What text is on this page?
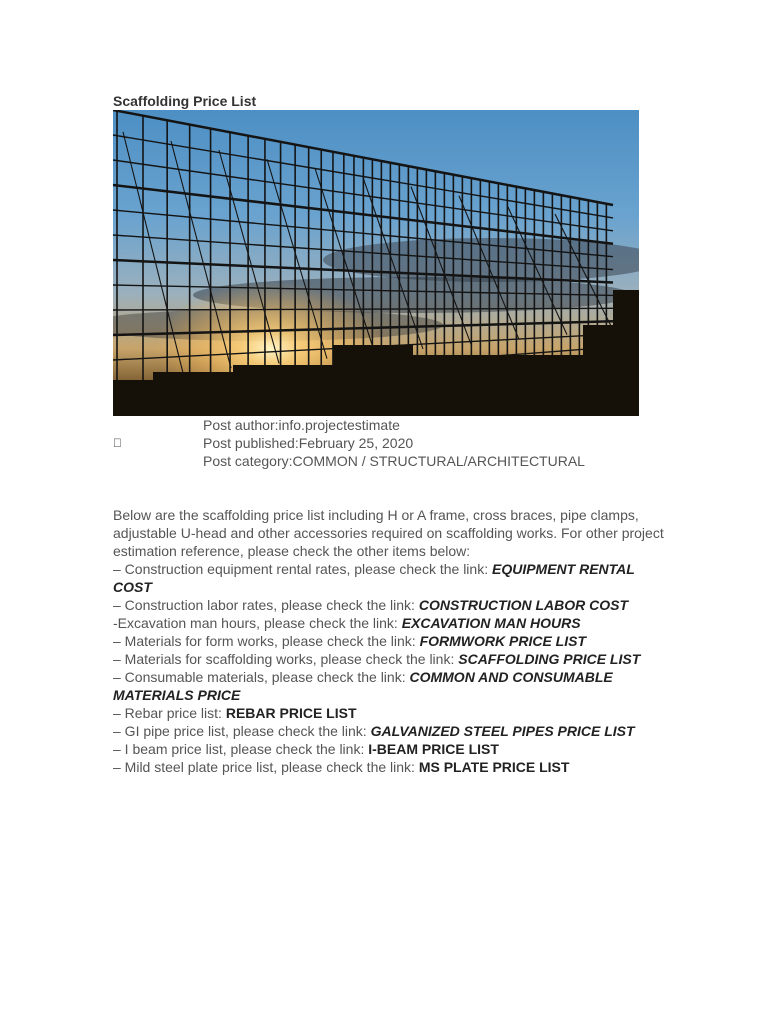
Scaffolding Price List
Post author:info.projectestimate
Post published:February 25, 2020
Post category:COMMON / STRUCTURAL/ARCHITECTURAL

Below are the scaffolding price list including H or A frame, cross braces, pipe clamps, adjustable U-head and other accessories required on scaffolding works. For other project estimation reference, please check the other items below:

– Construction equipment rental rates, please check the link: EQUIPMENT RENTAL COST

– Construction labor rates, please check the link: CONSTRUCTION LABOR COST

-Excavation man hours, please check the link: EXCAVATION MAN HOURS

– Materials for form works, please check the link: FORMWORK PRICE LIST

– Materials for scaffolding works, please check the link: SCAFFOLDING PRICE LIST

– Consumable materials, please check the link: COMMON AND CONSUMABLE MATERIALS PRICE

– Rebar price list: REBAR PRICE LIST

– GI pipe price list, please check the link: GALVANIZED STEEL PIPES PRICE LIST

– I beam price list, please check the link: I-BEAM PRICE LIST

– Mild steel plate price list, please check the link: MS PLATE PRICE LIST
